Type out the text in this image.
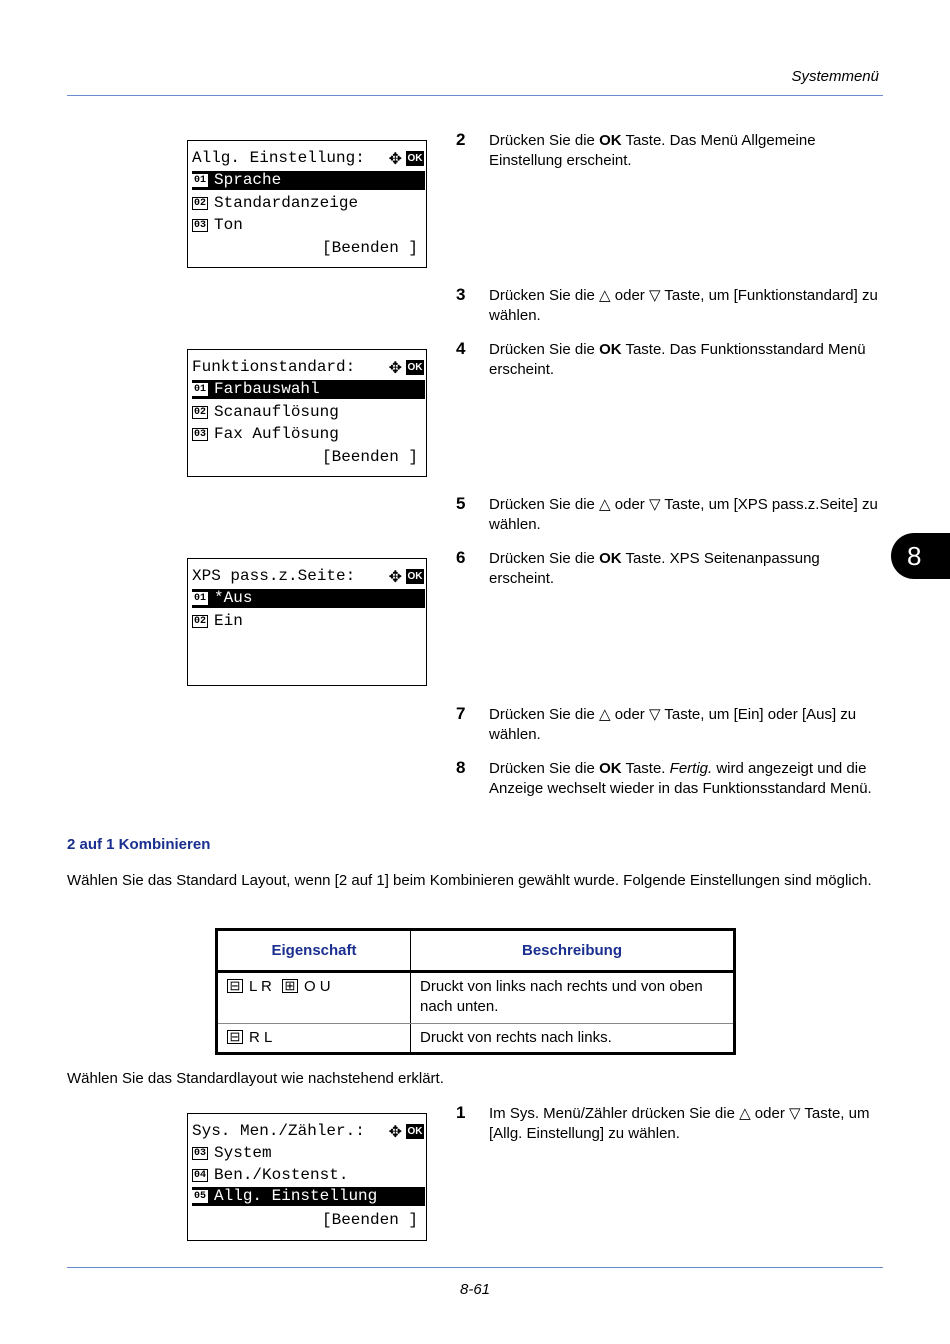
Systemmenü
Allg. Einstellung:	✥ OK
01 Sprache
02 Standardanzeige
03 Ton
[Beenden ]
Funktionstandard:	✥ OK
01 Farbauswahl
02 Scanauflösung
03 Fax Auflösung
[Beenden ]
XPS pass.z.Seite:	✥ OK
01 *Aus
02 Ein
Sys. Men./Zähler.:	✥ OK
03 System
04 Ben./Kostenst.
05 Allg. Einstellung
[Beenden ]
2 Drücken Sie die OK Taste. Das Menü Allgemeine Einstellung erscheint.
3 Drücken Sie die △ oder ▽ Taste, um [Funktionstandard] zu wählen.
4 Drücken Sie die OK Taste. Das Funktionsstandard Menü erscheint.
5 Drücken Sie die △ oder ▽ Taste, um [XPS pass.z.Seite] zu wählen.
6 Drücken Sie die OK Taste. XPS Seitenanpassung erscheint.
8
7 Drücken Sie die △ oder ▽ Taste, um [Ein] oder [Aus] zu wählen.
8 Drücken Sie die OK Taste. Fertig. wird angezeigt und die Anzeige wechselt wieder in das Funktionsstandard Menü.
2 auf 1 Kombinieren
Wählen Sie das Standard Layout, wenn [2 auf 1] beim Kombinieren gewählt wurde. Folgende Einstellungen sind möglich.
Eigenschaft	Beschreibung
⊟ L R ⊞ O U	Druckt von links nach rechts und von oben nach unten.
⊟ R L	Druckt von rechts nach links.
Wählen Sie das Standardlayout wie nachstehend erklärt.
1 Im Sys. Menü/Zähler drücken Sie die △ oder ▽ Taste, um [Allg. Einstellung] zu wählen.
8-61
